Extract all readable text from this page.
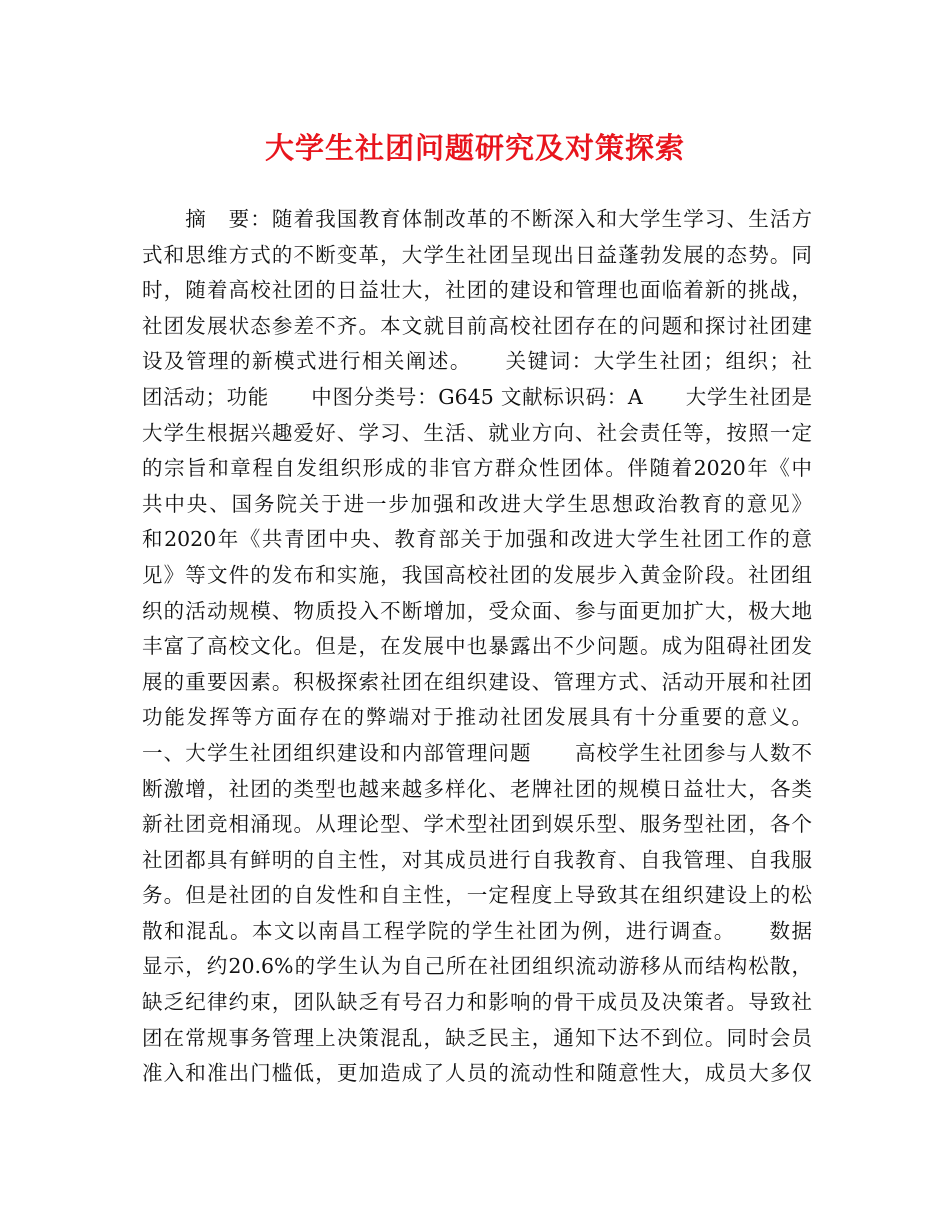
大学生社团问题研究及对策探索
　　摘　要：随着我国教育体制改革的不断深入和大学生学习、生活方
式和思维方式的不断变革，大学生社团呈现出日益蓬勃发展的态势。同
时，随着高校社团的日益壮大，社团的建设和管理也面临着新的挑战，
社团发展状态参差不齐。本文就目前高校社团存在的问题和探讨社团建
设及管理的新模式进行相关阐述。　　关键词：大学生社团；组织；社
团活动；功能　　中图分类号：G645 文献标识码：A　　大学生社团是
大学生根据兴趣爱好、学习、生活、就业方向、社会责任等，按照一定
的宗旨和章程自发组织形成的非官方群众性团体。伴随着2020年《中
共中央、国务院关于进一步加强和改进大学生思想政治教育的意见》
和2020年《共青团中央、教育部关于加强和改进大学生社团工作的意
见》等文件的发布和实施，我国高校社团的发展步入黄金阶段。社团组
织的活动规模、物质投入不断增加，受众面、参与面更加扩大，极大地
丰富了高校文化。但是，在发展中也暴露出不少问题。成为阻碍社团发
展的重要因素。积极探索社团在组织建设、管理方式、活动开展和社团
功能发挥等方面存在的弊端对于推动社团发展具有十分重要的意义。
一、大学生社团组织建设和内部管理问题　　高校学生社团参与人数不
断激增，社团的类型也越来越多样化、老牌社团的规模日益壮大，各类
新社团竞相涌现。从理论型、学术型社团到娱乐型、服务型社团，各个
社团都具有鲜明的自主性，对其成员进行自我教育、自我管理、自我服
务。但是社团的自发性和自主性，一定程度上导致其在组织建设上的松
散和混乱。本文以南昌工程学院的学生社团为例，进行调查。　　数据
显示，约20.6%的学生认为自己所在社团组织流动游移从而结构松散，
缺乏纪律约束，团队缺乏有号召力和影响的骨干成员及决策者。导致社
团在常规事务管理上决策混乱，缺乏民主，通知下达不到位。同时会员
准入和准出门槛低，更加造成了人员的流动性和随意性大，成员大多仅
